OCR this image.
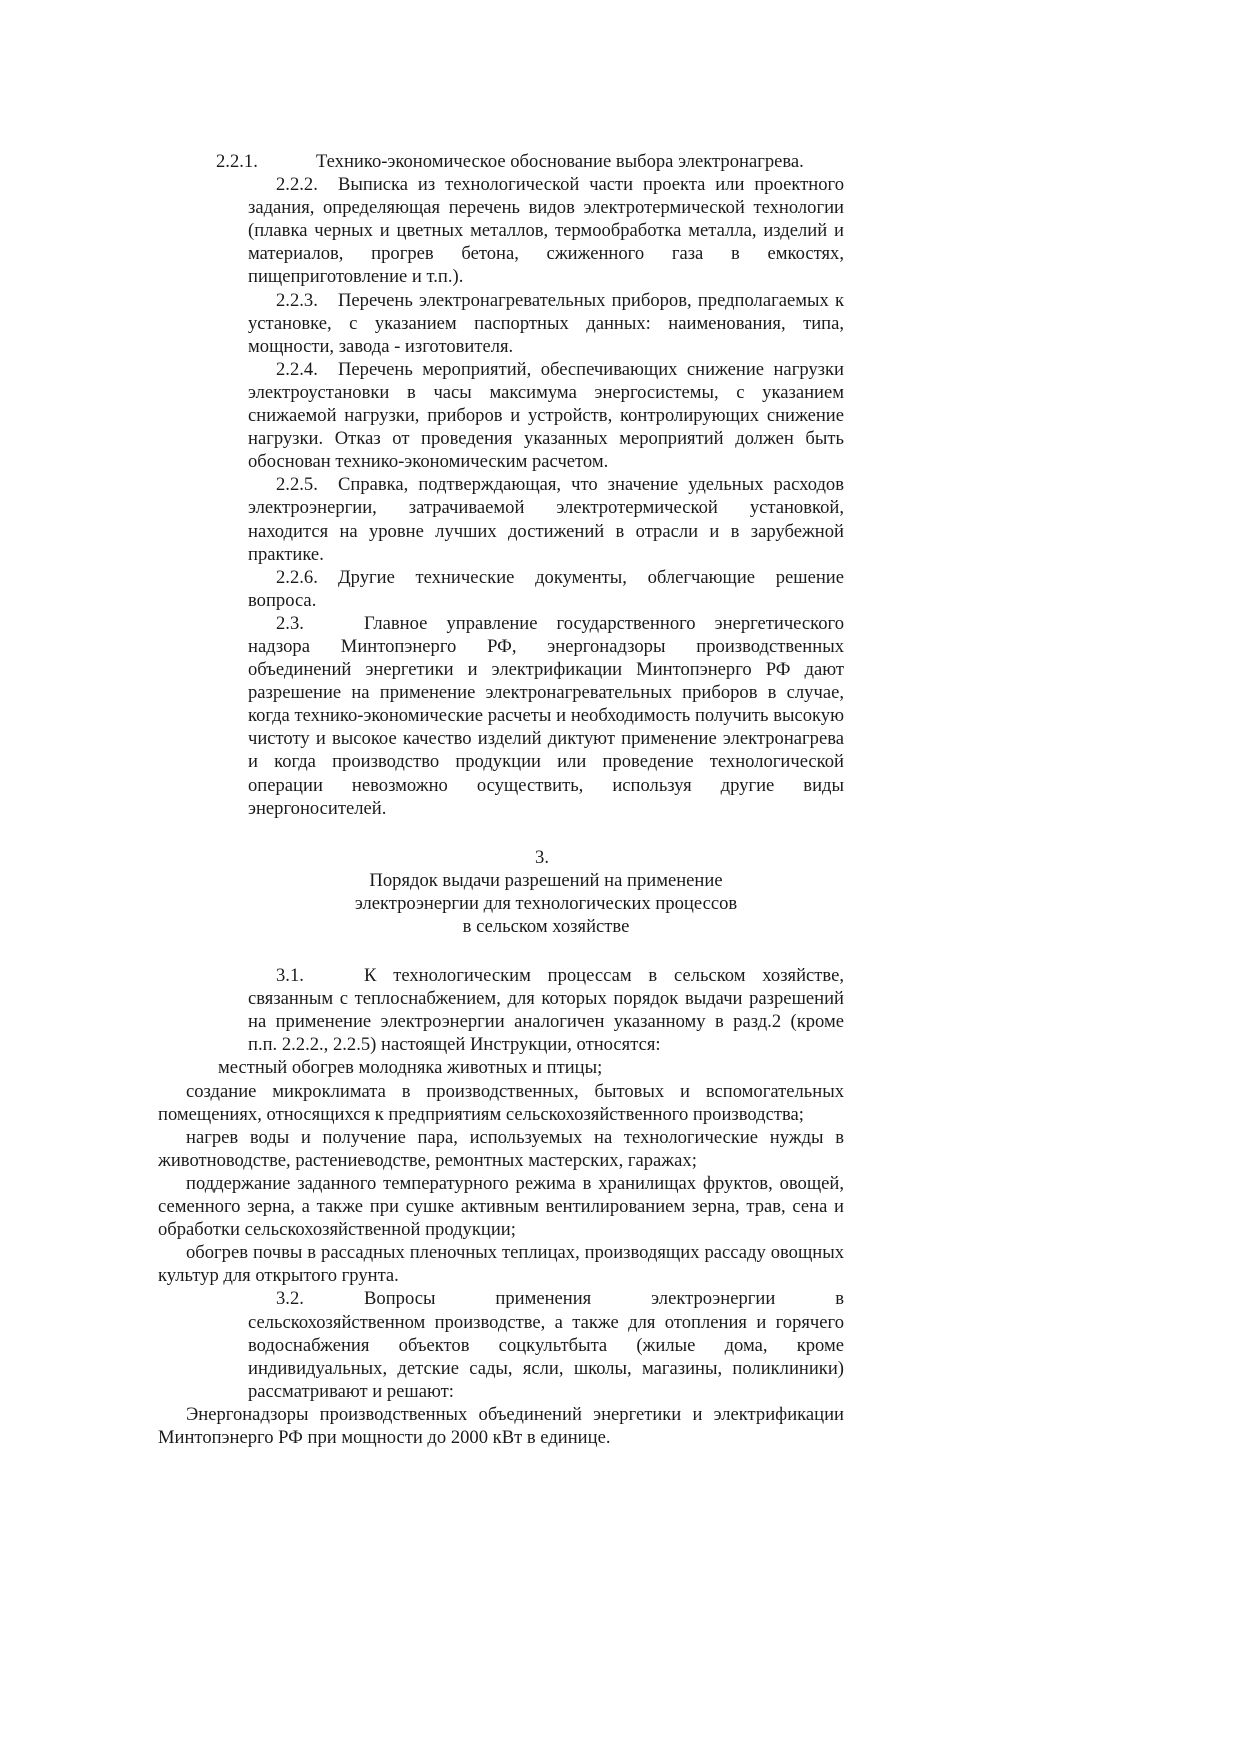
2.2.1.	Технико-экономическое обоснование выбора электронагрева.

2.2.2. Выписка из технологической части проекта или проектного задания, определяющая перечень видов электротермической технологии (плавка черных и цветных металлов, термообработка металла, изделий и материалов, прогрев бетона, сжиженного газа в емкостях, пищеприготовление и т.п.).

2.2.3. Перечень электронагревательных приборов, предполагаемых к установке, с указанием паспортных данных: наименования, типа, мощности, завода - изготовителя.

2.2.4. Перечень мероприятий, обеспечивающих снижение нагрузки электроустановки в часы максимума энергосистемы, с указанием снижаемой нагрузки, приборов и устройств, контролирующих снижение нагрузки. Отказ от проведения указанных мероприятий должен быть обоснован технико-экономическим расчетом.

2.2.5. Справка, подтверждающая, что значение удельных расходов электроэнергии, затрачиваемой электротермической установкой, находится на уровне лучших достижений в отрасли и в зарубежной практике.

2.2.6. Другие технические документы, облегчающие решение вопроса.

2.3.	Главное управление государственного энергетического надзора Минтопэнерго РФ, энергонадзоры производственных объединений энергетики и электрификации Минтопэнерго РФ дают разрешение на применение электронагревательных приборов в случае, когда технико-экономические расчеты и необходимость получить высокую чистоту и высокое качество изделий диктуют применение электронагрева и когда производство продукции или проведение технологической операции невозможно осуществить, используя другие виды энергоносителей.

3.
Порядок выдачи разрешений на применение
электроэнергии для технологических процессов
в сельском хозяйстве

3.1.	К технологическим процессам в сельском хозяйстве, связанным с теплоснабжением, для которых порядок выдачи разрешений на применение электроэнергии аналогичен указанному в разд.2 (кроме п.п. 2.2.2., 2.2.5) настоящей Инструкции, относятся:

местный обогрев молодняка животных и птицы;

создание микроклимата в производственных, бытовых и вспомогательных помещениях, относящихся к предприятиям сельскохозяйственного производства;

нагрев воды и получение пара, используемых на технологические нужды в животноводстве, растениеводстве, ремонтных мастерских, гаражах;

поддержание заданного температурного режима в хранилищах фруктов, овощей, семенного зерна, а также при сушке активным вентилированием зерна, трав, сена и обработки сельскохозяйственной продукции;

обогрев почвы в рассадных пленочных теплицах, производящих рассаду овощных культур для открытого грунта.

3.2.	Вопросы применения электроэнергии в сельскохозяйственном производстве, а также для отопления и горячего водоснабжения объектов соцкультбыта (жилые дома, кроме индивидуальных, детские сады, ясли, школы, магазины, поликлиники) рассматривают и решают:

Энергонадзоры производственных объединений энергетики и электрификации Минтопэнерго РФ при мощности до 2000 кВт в единице.
